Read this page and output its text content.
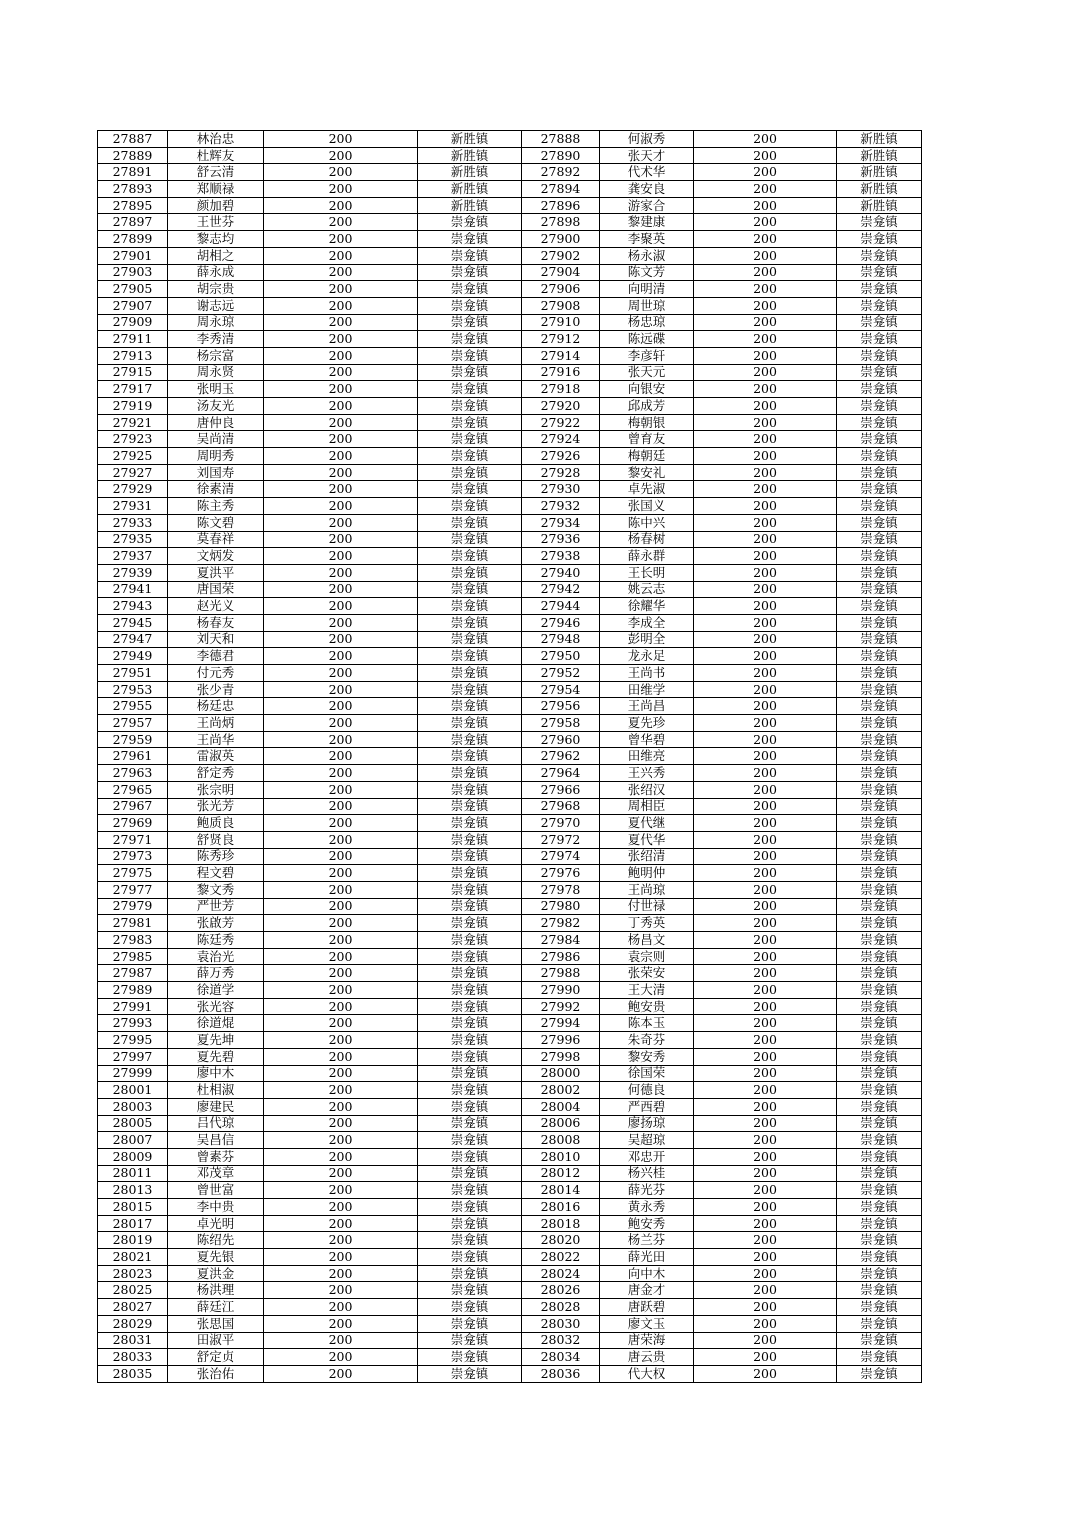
27887	林治忠	200	新胜镇	27888	何淑秀	200	新胜镇
27889	杜辉友	200	新胜镇	27890	张天才	200	新胜镇
27891	舒云清	200	新胜镇	27892	代术华	200	新胜镇
27893	郑顺禄	200	新胜镇	27894	龚安良	200	新胜镇
27895	颜加碧	200	新胜镇	27896	游家合	200	新胜镇
27897	王世芬	200	崇龛镇	27898	黎建康	200	崇龛镇
27899	黎志均	200	崇龛镇	27900	李聚英	200	崇龛镇
27901	胡相之	200	崇龛镇	27902	杨永淑	200	崇龛镇
27903	薛永成	200	崇龛镇	27904	陈文芳	200	崇龛镇
27905	胡宗贵	200	崇龛镇	27906	向明清	200	崇龛镇
27907	谢志远	200	崇龛镇	27908	周世琼	200	崇龛镇
27909	周永琼	200	崇龛镇	27910	杨忠琼	200	崇龛镇
27911	李秀清	200	崇龛镇	27912	陈远碟	200	崇龛镇
27913	杨宗富	200	崇龛镇	27914	李彦轩	200	崇龛镇
27915	周永贤	200	崇龛镇	27916	张天元	200	崇龛镇
27917	张明玉	200	崇龛镇	27918	向银安	200	崇龛镇
27919	汤友光	200	崇龛镇	27920	邱成芳	200	崇龛镇
27921	唐仲良	200	崇龛镇	27922	梅朝银	200	崇龛镇
27923	吴尚清	200	崇龛镇	27924	曾育友	200	崇龛镇
27925	周明秀	200	崇龛镇	27926	梅朝廷	200	崇龛镇
27927	刘国寿	200	崇龛镇	27928	黎安礼	200	崇龛镇
27929	徐素清	200	崇龛镇	27930	卓先淑	200	崇龛镇
27931	陈主秀	200	崇龛镇	27932	张国义	200	崇龛镇
27933	陈文碧	200	崇龛镇	27934	陈中兴	200	崇龛镇
27935	莫春祥	200	崇龛镇	27936	杨春树	200	崇龛镇
27937	文炳发	200	崇龛镇	27938	薛永群	200	崇龛镇
27939	夏洪平	200	崇龛镇	27940	王长明	200	崇龛镇
27941	唐国荣	200	崇龛镇	27942	姚云志	200	崇龛镇
27943	赵光义	200	崇龛镇	27944	徐耀华	200	崇龛镇
27945	杨春友	200	崇龛镇	27946	李成全	200	崇龛镇
27947	刘天和	200	崇龛镇	27948	彭明全	200	崇龛镇
27949	李德君	200	崇龛镇	27950	龙永足	200	崇龛镇
27951	付元秀	200	崇龛镇	27952	王尚书	200	崇龛镇
27953	张少青	200	崇龛镇	27954	田维学	200	崇龛镇
27955	杨廷忠	200	崇龛镇	27956	王尚昌	200	崇龛镇
27957	王尚炳	200	崇龛镇	27958	夏先珍	200	崇龛镇
27959	王尚华	200	崇龛镇	27960	曾华碧	200	崇龛镇
27961	雷淑英	200	崇龛镇	27962	田维亮	200	崇龛镇
27963	舒定秀	200	崇龛镇	27964	王兴秀	200	崇龛镇
27965	张宗明	200	崇龛镇	27966	张绍汉	200	崇龛镇
27967	张光芳	200	崇龛镇	27968	周相臣	200	崇龛镇
27969	鲍质良	200	崇龛镇	27970	夏代继	200	崇龛镇
27971	舒贤良	200	崇龛镇	27972	夏代华	200	崇龛镇
27973	陈秀珍	200	崇龛镇	27974	张绍清	200	崇龛镇
27975	程文碧	200	崇龛镇	27976	鲍明仲	200	崇龛镇
27977	黎文秀	200	崇龛镇	27978	王尚琼	200	崇龛镇
27979	严世芳	200	崇龛镇	27980	付世禄	200	崇龛镇
27981	张啟芳	200	崇龛镇	27982	丁秀英	200	崇龛镇
27983	陈廷秀	200	崇龛镇	27984	杨昌文	200	崇龛镇
27985	袁治光	200	崇龛镇	27986	袁宗则	200	崇龛镇
27987	薛万秀	200	崇龛镇	27988	张荣安	200	崇龛镇
27989	徐道学	200	崇龛镇	27990	王大清	200	崇龛镇
27991	张光容	200	崇龛镇	27992	鲍安贵	200	崇龛镇
27993	徐道焜	200	崇龛镇	27994	陈本玉	200	崇龛镇
27995	夏先坤	200	崇龛镇	27996	朱奇芬	200	崇龛镇
27997	夏先碧	200	崇龛镇	27998	黎安秀	200	崇龛镇
27999	廖中木	200	崇龛镇	28000	徐国荣	200	崇龛镇
28001	杜相淑	200	崇龛镇	28002	何德良	200	崇龛镇
28003	廖建民	200	崇龛镇	28004	严西碧	200	崇龛镇
28005	吕代琼	200	崇龛镇	28006	廖扬琼	200	崇龛镇
28007	吴昌信	200	崇龛镇	28008	吴超琼	200	崇龛镇
28009	曾素芬	200	崇龛镇	28010	邓忠开	200	崇龛镇
28011	邓茂章	200	崇龛镇	28012	杨兴桂	200	崇龛镇
28013	曾世富	200	崇龛镇	28014	薛光芬	200	崇龛镇
28015	李中贵	200	崇龛镇	28016	黄永秀	200	崇龛镇
28017	卓光明	200	崇龛镇	28018	鲍安秀	200	崇龛镇
28019	陈绍先	200	崇龛镇	28020	杨兰芬	200	崇龛镇
28021	夏先银	200	崇龛镇	28022	薛光田	200	崇龛镇
28023	夏洪金	200	崇龛镇	28024	向中木	200	崇龛镇
28025	杨洪理	200	崇龛镇	28026	唐金才	200	崇龛镇
28027	薛廷江	200	崇龛镇	28028	唐跃碧	200	崇龛镇
28029	张思国	200	崇龛镇	28030	廖文玉	200	崇龛镇
28031	田淑平	200	崇龛镇	28032	唐荣海	200	崇龛镇
28033	舒定贞	200	崇龛镇	28034	唐云贵	200	崇龛镇
28035	张治佑	200	崇龛镇	28036	代大权	200	崇龛镇
